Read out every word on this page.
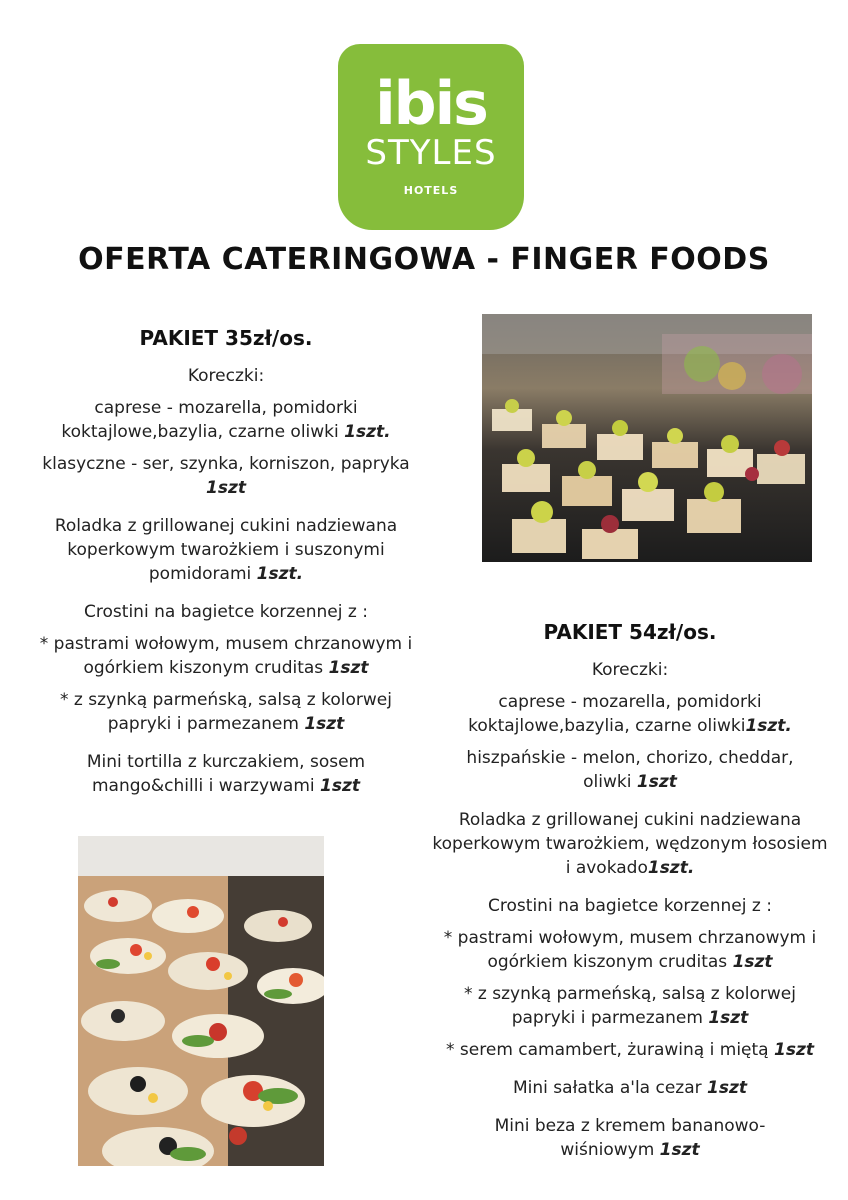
ibis
STYLES
HOTELS
OFERTA CATERINGOWA - FINGER FOODS
PAKIET 35zł/os.

Koreczki:

caprese - mozarella, pomidorki koktajlowe,bazylia, czarne oliwki 1szt.

klasyczne - ser, szynka, korniszon, papryka 1szt

Roladka z grillowanej cukini nadziewana koperkowym twarożkiem i suszonymi pomidorami 1szt.

Crostini na bagietce korzennej z :

* pastrami wołowym, musem chrzanowym i ogórkiem kiszonym cruditas 1szt

* z szynką parmeńską, salsą z kolorwej papryki i parmezanem 1szt

Mini tortilla z kurczakiem, sosem mango&chilli i warzywami 1szt

PAKIET 54zł/os.

Koreczki:

caprese - mozarella, pomidorki koktajlowe,bazylia, czarne oliwki1szt.

hiszpańskie - melon, chorizo, cheddar, oliwki 1szt

Roladka z grillowanej cukini nadziewana koperkowym twarożkiem, wędzonym łososiem i avokado1szt.

Crostini na bagietce korzennej z :

* pastrami wołowym, musem chrzanowym i ogórkiem kiszonym cruditas 1szt

* z szynką parmeńską, salsą z kolorwej papryki i parmezanem 1szt

* serem camambert, żurawiną i miętą 1szt

Mini sałatka a'la cezar 1szt

Mini beza z kremem bananowo-wiśniowym 1szt
